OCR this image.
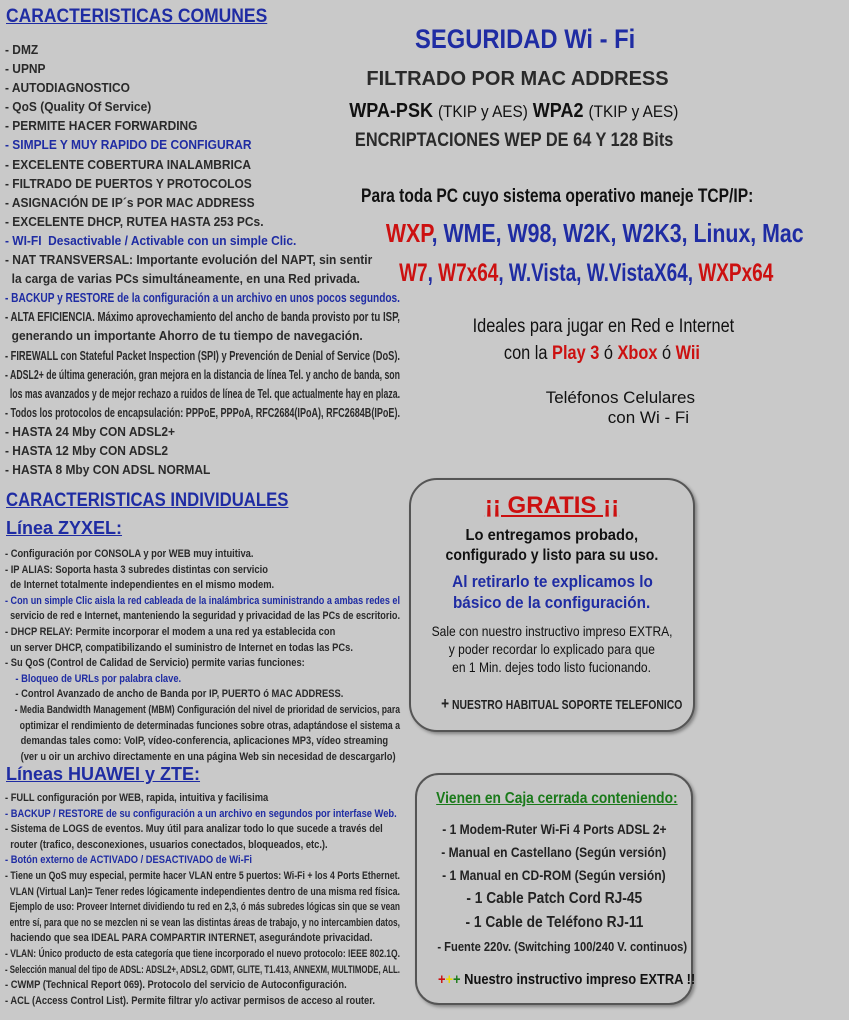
CARACTERISTICAS COMUNES
- DMZ
- UPNP
- AUTODIAGNOSTICO
- QoS (Quality Of Service)
- PERMITE HACER FORWARDING
- SIMPLE Y MUY RAPIDO DE CONFIGURAR
- EXCELENTE COBERTURA INALAMBRICA
- FILTRADO DE PUERTOS Y PROTOCOLOS
- ASIGNACIÓN DE IP´s POR MAC ADDRESS
- EXCELENTE DHCP, RUTEA HASTA 253 PCs.
- WI-FI  Desactivable / Activable con un simple Clic.
- NAT TRANSVERSAL: Importante evolución del NAPT, sin sentir
la carga de varias PCs simultáneamente, en una Red privada.
- BACKUP y RESTORE de la configuración a un archivo en unos pocos segundos.
- ALTA EFICIENCIA. Máximo aprovechamiento del ancho de banda provisto por tu ISP,
generando un importante Ahorro de tu tiempo de navegación.
- FIREWALL con Stateful Packet Inspection (SPI) y Prevención de Denial of Service (DoS).
- ADSL2+ de última generación, gran mejora en la distancia de línea Tel. y ancho de banda, son
los mas avanzados y de mejor rechazo a ruidos de línea de Tel. que actualmente hay en plaza.
- Todos los protocolos de encapsulación: PPPoE, PPPoA, RFC2684(IPoA), RFC2684B(IPoE).
- HASTA 24 Mby CON ADSL2+
- HASTA 12 Mby CON ADSL2
- HASTA 8 Mby CON ADSL NORMAL
SEGURIDAD Wi - Fi
FILTRADO POR MAC ADDRESS
WPA-PSK (TKIP y AES) WPA2 (TKIP y AES)
ENCRIPTACIONES WEP DE 64 Y 128 Bits
Para toda PC cuyo sistema operativo maneje TCP/IP:
WXP, WME, W98, W2K, W2K3, Linux, Mac
W7, W7x64, W.Vista, W.VistaX64, WXPx64
Ideales para jugar en Red e Internet
con la Play 3 ó Xbox ó Wii
Teléfonos Celulares
con Wi - Fi
CARACTERISTICAS INDIVIDUALES
Línea ZYXEL:
- Configuración por CONSOLA y por WEB muy intuitiva.
- IP ALIAS: Soporta hasta 3 subredes distintas con servicio
de Internet totalmente independientes en el mismo modem.
- Con un simple Clic aisla la red cableada de la inalámbrica suministrando a ambas redes el
servicio de red e Internet, manteniendo la seguridad y privacidad de las PCs de escritorio.
- DHCP RELAY: Permite incorporar el modem a una red ya establecida con
un server DHCP, compatibilizando el suministro de Internet en todas las PCs.
- Su QoS (Control de Calidad de Servicio) permite varias funciones:
- Bloqueo de URLs por palabra clave.
- Control Avanzado de ancho de Banda por IP, PUERTO ó MAC ADDRESS.
- Media Bandwidth Management (MBM) Configuración del nivel de prioridad de servicios, para
optimizar el rendimiento de determinadas funciones sobre otras, adaptándose el sistema a
demandas tales como: VoIP, vídeo-conferencia, aplicaciones MP3, vídeo streaming
(ver u oir un archivo directamente en una página Web sin necesidad de descargarlo)
Líneas HUAWEI y ZTE:
- FULL configuración por WEB, rapida, intuitiva y facilisima
- BACKUP / RESTORE de su configuración a un archivo en segundos por interfase Web.
- Sistema de LOGS de eventos. Muy útil para analizar todo lo que sucede a través del
router (trafico, desconexiones, usuarios conectados, bloqueados, etc.).
- Botón externo de ACTIVADO / DESACTIVADO de Wi-Fi
- Tiene un QoS muy especial, permite hacer VLAN entre 5 puertos: Wi-Fi + los 4 Ports Ethernet.
VLAN (Virtual Lan)= Tener redes lógicamente independientes dentro de una misma red física.
Ejemplo de uso: Proveer Internet dividiendo tu red en 2,3, ó más subredes lógicas sin que se vean
entre sí, para que no se mezclen ni se vean las distintas áreas de trabajo, y no intercambien datos,
haciendo que sea IDEAL PARA COMPARTIR INTERNET, asegurándote privacidad.
- VLAN: Único producto de esta categoría que tiene incorporado el nuevo protocolo: IEEE 802.1Q.
- Selección manual del tipo de ADSL: ADSL2+, ADSL2, GDMT, GLITE, T1.413, ANNEXM, MULTIMODE, ALL.
- CWMP (Technical Report 069). Protocolo del servicio de Autoconfiguración.
- ACL (Access Control List). Permite filtrar y/o activar permisos de acceso al router.
¡¡ GRATIS ¡¡
Lo entregamos probado,
configurado y listo para su uso.
Al retirarlo te explicamos lo
básico de la configuración.
Sale con nuestro instructivo impreso EXTRA,
y poder recordar lo explicado para que
en 1 Min. dejes todo listo fucionando.
+ NUESTRO HABITUAL SOPORTE TELEFONICO
Vienen en Caja cerrada conteniendo:
- 1 Modem-Ruter Wi-Fi 4 Ports ADSL 2+
- Manual en Castellano (Según versión)
- 1 Manual en CD-ROM (Según versión)
- 1 Cable Patch Cord RJ-45
- 1 Cable de Teléfono RJ-11
- Fuente 220v. (Switching 100/240 V. continuos)
+++ Nuestro instructivo impreso EXTRA !!
